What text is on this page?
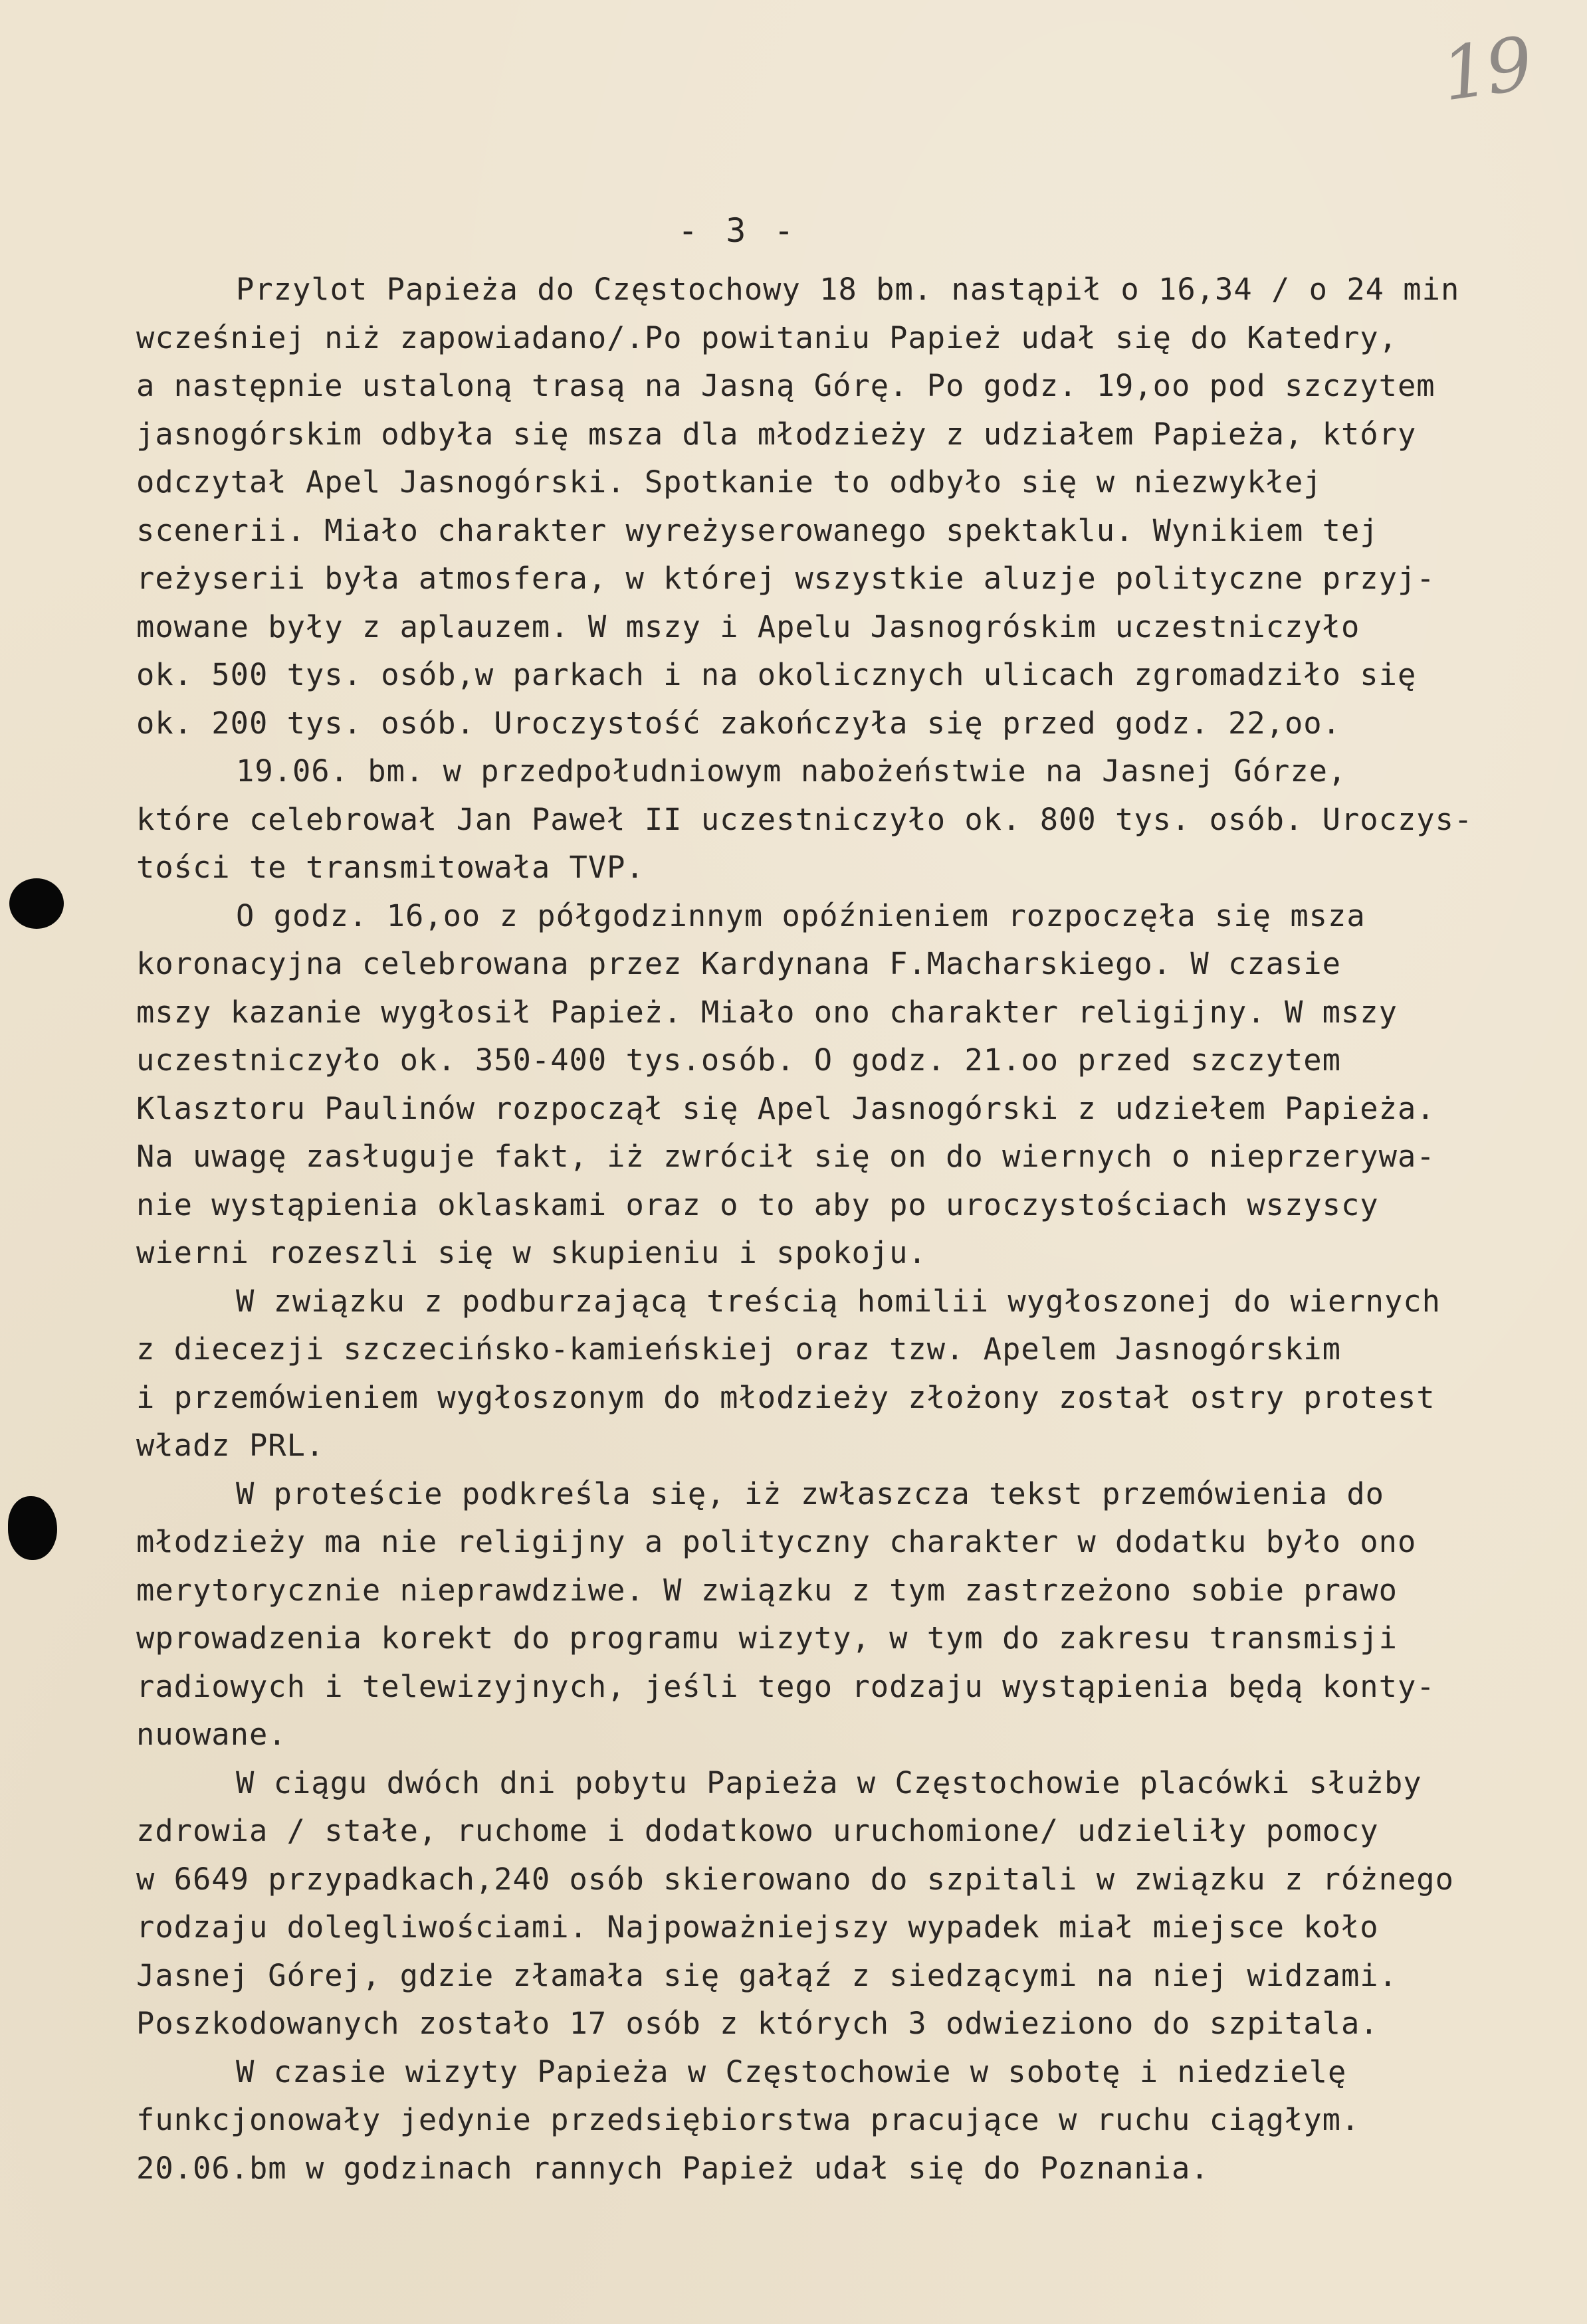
19
- 3 -
Przylot Papieża do Częstochowy 18 bm. nastąpił o 16,34 / o 24 min
wcześniej niż zapowiadano/.Po powitaniu Papież udał się do Katedry,
a następnie ustaloną trasą na Jasną Górę. Po godz. 19,oo pod szczytem
jasnogórskim odbyła się msza dla młodzieży z udziałem Papieża, który
odczytał Apel Jasnogórski. Spotkanie to odbyło się w niezwykłej
scenerii. Miało charakter wyreżyserowanego spektaklu. Wynikiem tej
reżyserii była atmosfera, w której wszystkie aluzje polityczne przyj-
mowane były z aplauzem. W mszy i Apelu Jasnogróskim uczestniczyło
ok. 500 tys. osób,w parkach i na okolicznych ulicach zgromadziło się
ok. 200 tys. osób. Uroczystość zakończyła się przed godz. 22,oo.
19.06. bm. w przedpołudniowym nabożeństwie na Jasnej Górze,
które celebrował Jan Paweł II uczestniczyło ok. 800 tys. osób. Uroczys-
tości te transmitowała TVP.
O godz. 16,oo z półgodzinnym opóźnieniem rozpoczęła się msza
koronacyjna celebrowana przez Kardynana F.Macharskiego. W czasie
mszy kazanie wygłosił Papież. Miało ono charakter religijny. W mszy
uczestniczyło ok. 350-400 tys.osób. O godz. 21.oo przed szczytem
Klasztoru Paulinów rozpoczął się Apel Jasnogórski z udziełem Papieża.
Na uwagę zasługuje fakt, iż zwrócił się on do wiernych o nieprzerywa-
nie wystąpienia oklaskami oraz o to aby po uroczystościach wszyscy
wierni rozeszli się w skupieniu i spokoju.
W związku z podburzającą treścią homilii wygłoszonej do wiernych
z diecezji szczecińsko-kamieńskiej oraz tzw. Apelem Jasnogórskim
i przemówieniem wygłoszonym do młodzieży złożony został ostry protest
władz PRL.
W proteście podkreśla się, iż zwłaszcza tekst przemówienia do
młodzieży ma nie religijny a polityczny charakter w dodatku było ono
merytorycznie nieprawdziwe. W związku z tym zastrzeżono sobie prawo
wprowadzenia korekt do programu wizyty, w tym do zakresu transmisji
radiowych i telewizyjnych, jeśli tego rodzaju wystąpienia będą konty-
nuowane.
W ciągu dwóch dni pobytu Papieża w Częstochowie placówki służby
zdrowia / stałe, ruchome i dodatkowo uruchomione/ udzieliły pomocy
w 6649 przypadkach,240 osób skierowano do szpitali w związku z różnego
rodzaju dolegliwościami. Najpoważniejszy wypadek miał miejsce koło
Jasnej Górej, gdzie złamała się gałąź z siedzącymi na niej widzami.
Poszkodowanych zostało 17 osób z których 3 odwieziono do szpitala.
W czasie wizyty Papieża w Częstochowie w sobotę i niedzielę
funkcjonowały jedynie przedsiębiorstwa pracujące w ruchu ciągłym.
20.06.bm w godzinach rannych Papież udał się do Poznania.
